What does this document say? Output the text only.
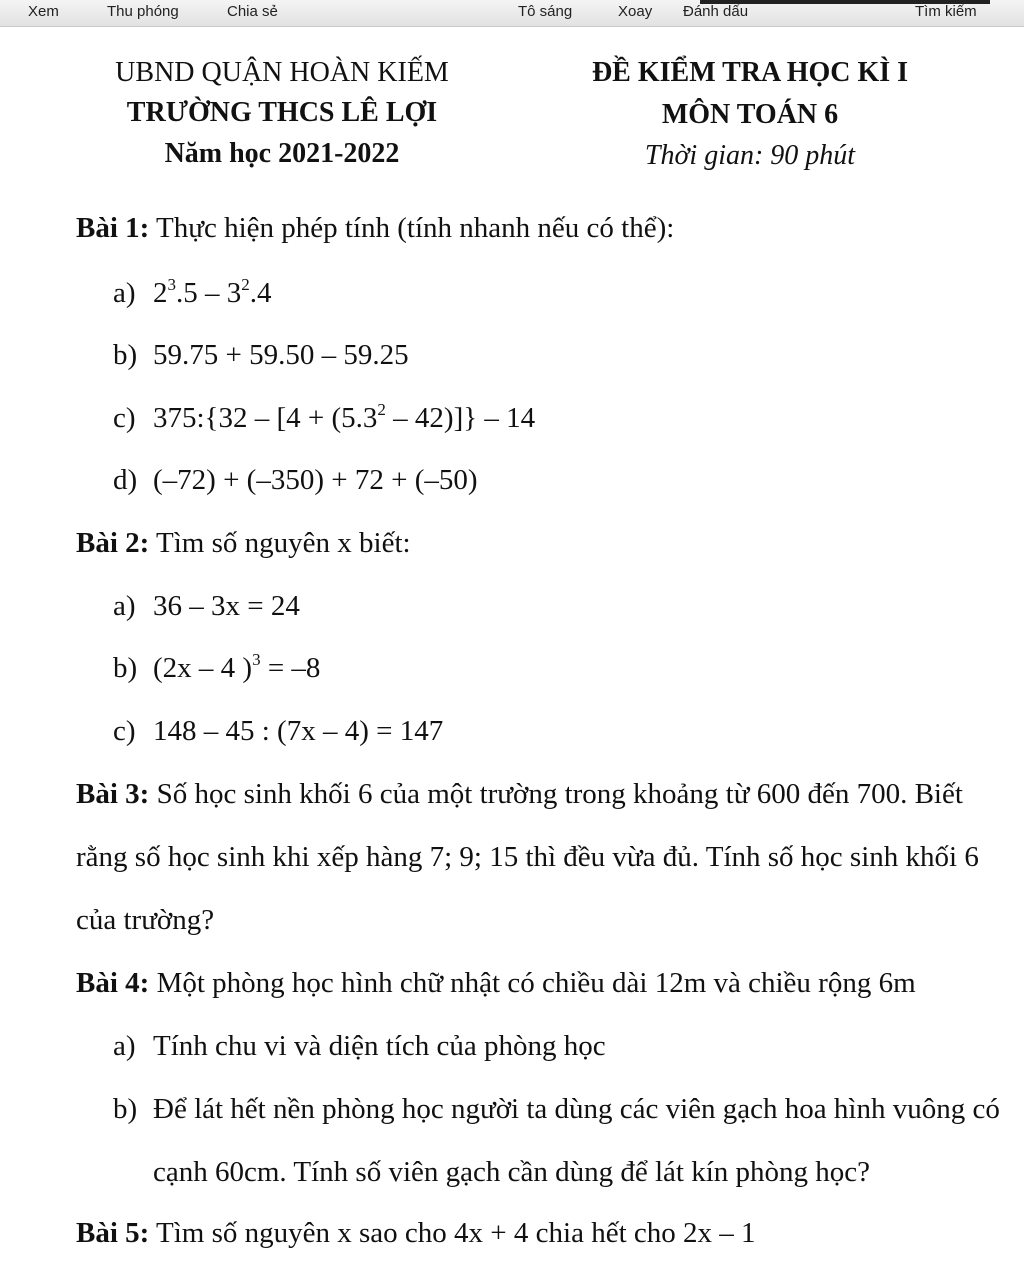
Xem	Thu phóng	Chia sẻ	Tô sáng	Xoay Đánh dấu	Tìm kiếm
UBND QUẬN HOÀN KIẾM
TRƯỜNG THCS LÊ LỢI
Năm học 2021-2022
ĐỀ KIỂM TRA HỌC KÌ I
MÔN TOÁN 6
Thời gian: 90 phút
Bài 1: Thực hiện phép tính (tính nhanh nếu có thể):
a) $2^3.5 - 3^2.4$
b) 59.75 + 59.50 – 59.25
c) 375:{32 – $[4 + (5.3^2 - 42)]\} - 14$
d) (–72) + (–350) + 72 + (–50)
Bài 2: Tìm số nguyên x biết:
a) 36 – 3x = 24
b) (2x – 4 )$^3$ = –8
c) 148 – 45 : (7x – 4) = 147
Bài 3: Số học sinh khối 6 của một trường trong khoảng từ 600 đến 700. Biết
rằng số học sinh khi xếp hàng 7; 9; 15 thì đều vừa đủ. Tính số học sinh khối 6
của trường?
Bài 4: Một phòng học hình chữ nhật có chiều dài 12m và chiều rộng 6m
a) Tính chu vi và diện tích của phòng học
b) Để lát hết nền phòng học người ta dùng các viên gạch hoa hình vuông có
cạnh 60cm. Tính số viên gạch cần dùng để lát kín phòng học?
Bài 5: Tìm số nguyên x sao cho 4x + 4 chia hết cho 2x – 1
